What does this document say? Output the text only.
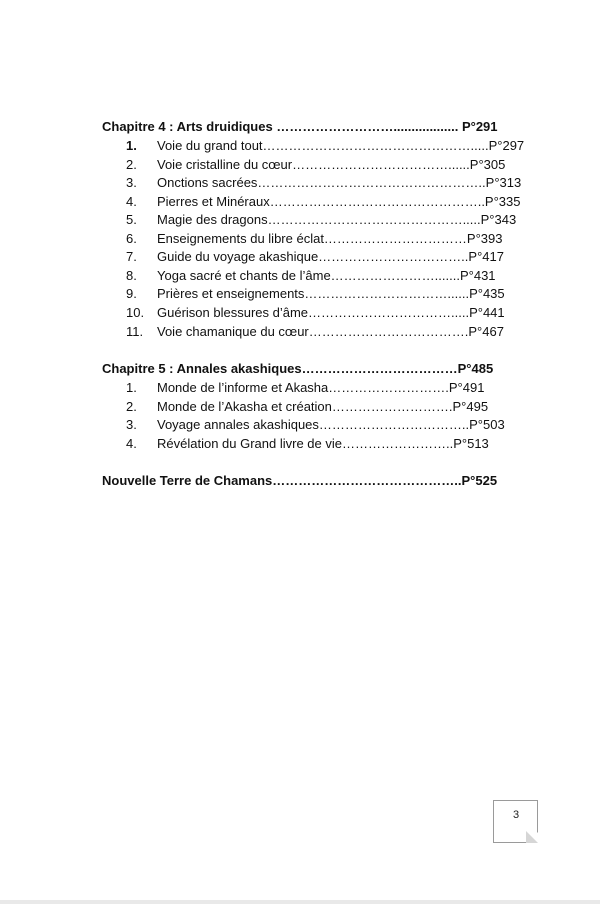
Chapitre 4 : Arts druidiques ……………………….................. P°291
1.	Voie du grand tout………………………………………….....P°297
2.	Voie cristalline du cœur………………………………......P°305
3.	Onctions sacrées……………………………………………..P°313
4.	Pierres et Minéraux…………………………………………..P°335
5.	Magie des dragons……………………………………….....P°343
6.	Enseignements du libre éclat……………………………P°393
7.	Guide du voyage akashique……………………………..P°417
8.	Yoga sacré et chants de l’âme…………………….......P°431
9.	Prières et enseignements……………………………......P°435
10. Guérison blessures d’âme…………………………….....P°441
11.	Voie chamanique du cœur……………………………….P°467
Chapitre 5 : Annales akashiques………………………………P°485
1.	Monde de l’informe et Akasha……………………….P°491
2.	Monde de l’Akasha et création……………………….P°495
3.	Voyage annales akashiques……………………………..P°503
4.	Révélation du Grand livre de vie……………………..P°513
Nouvelle Terre de Chamans……………………………………..P°525
3
